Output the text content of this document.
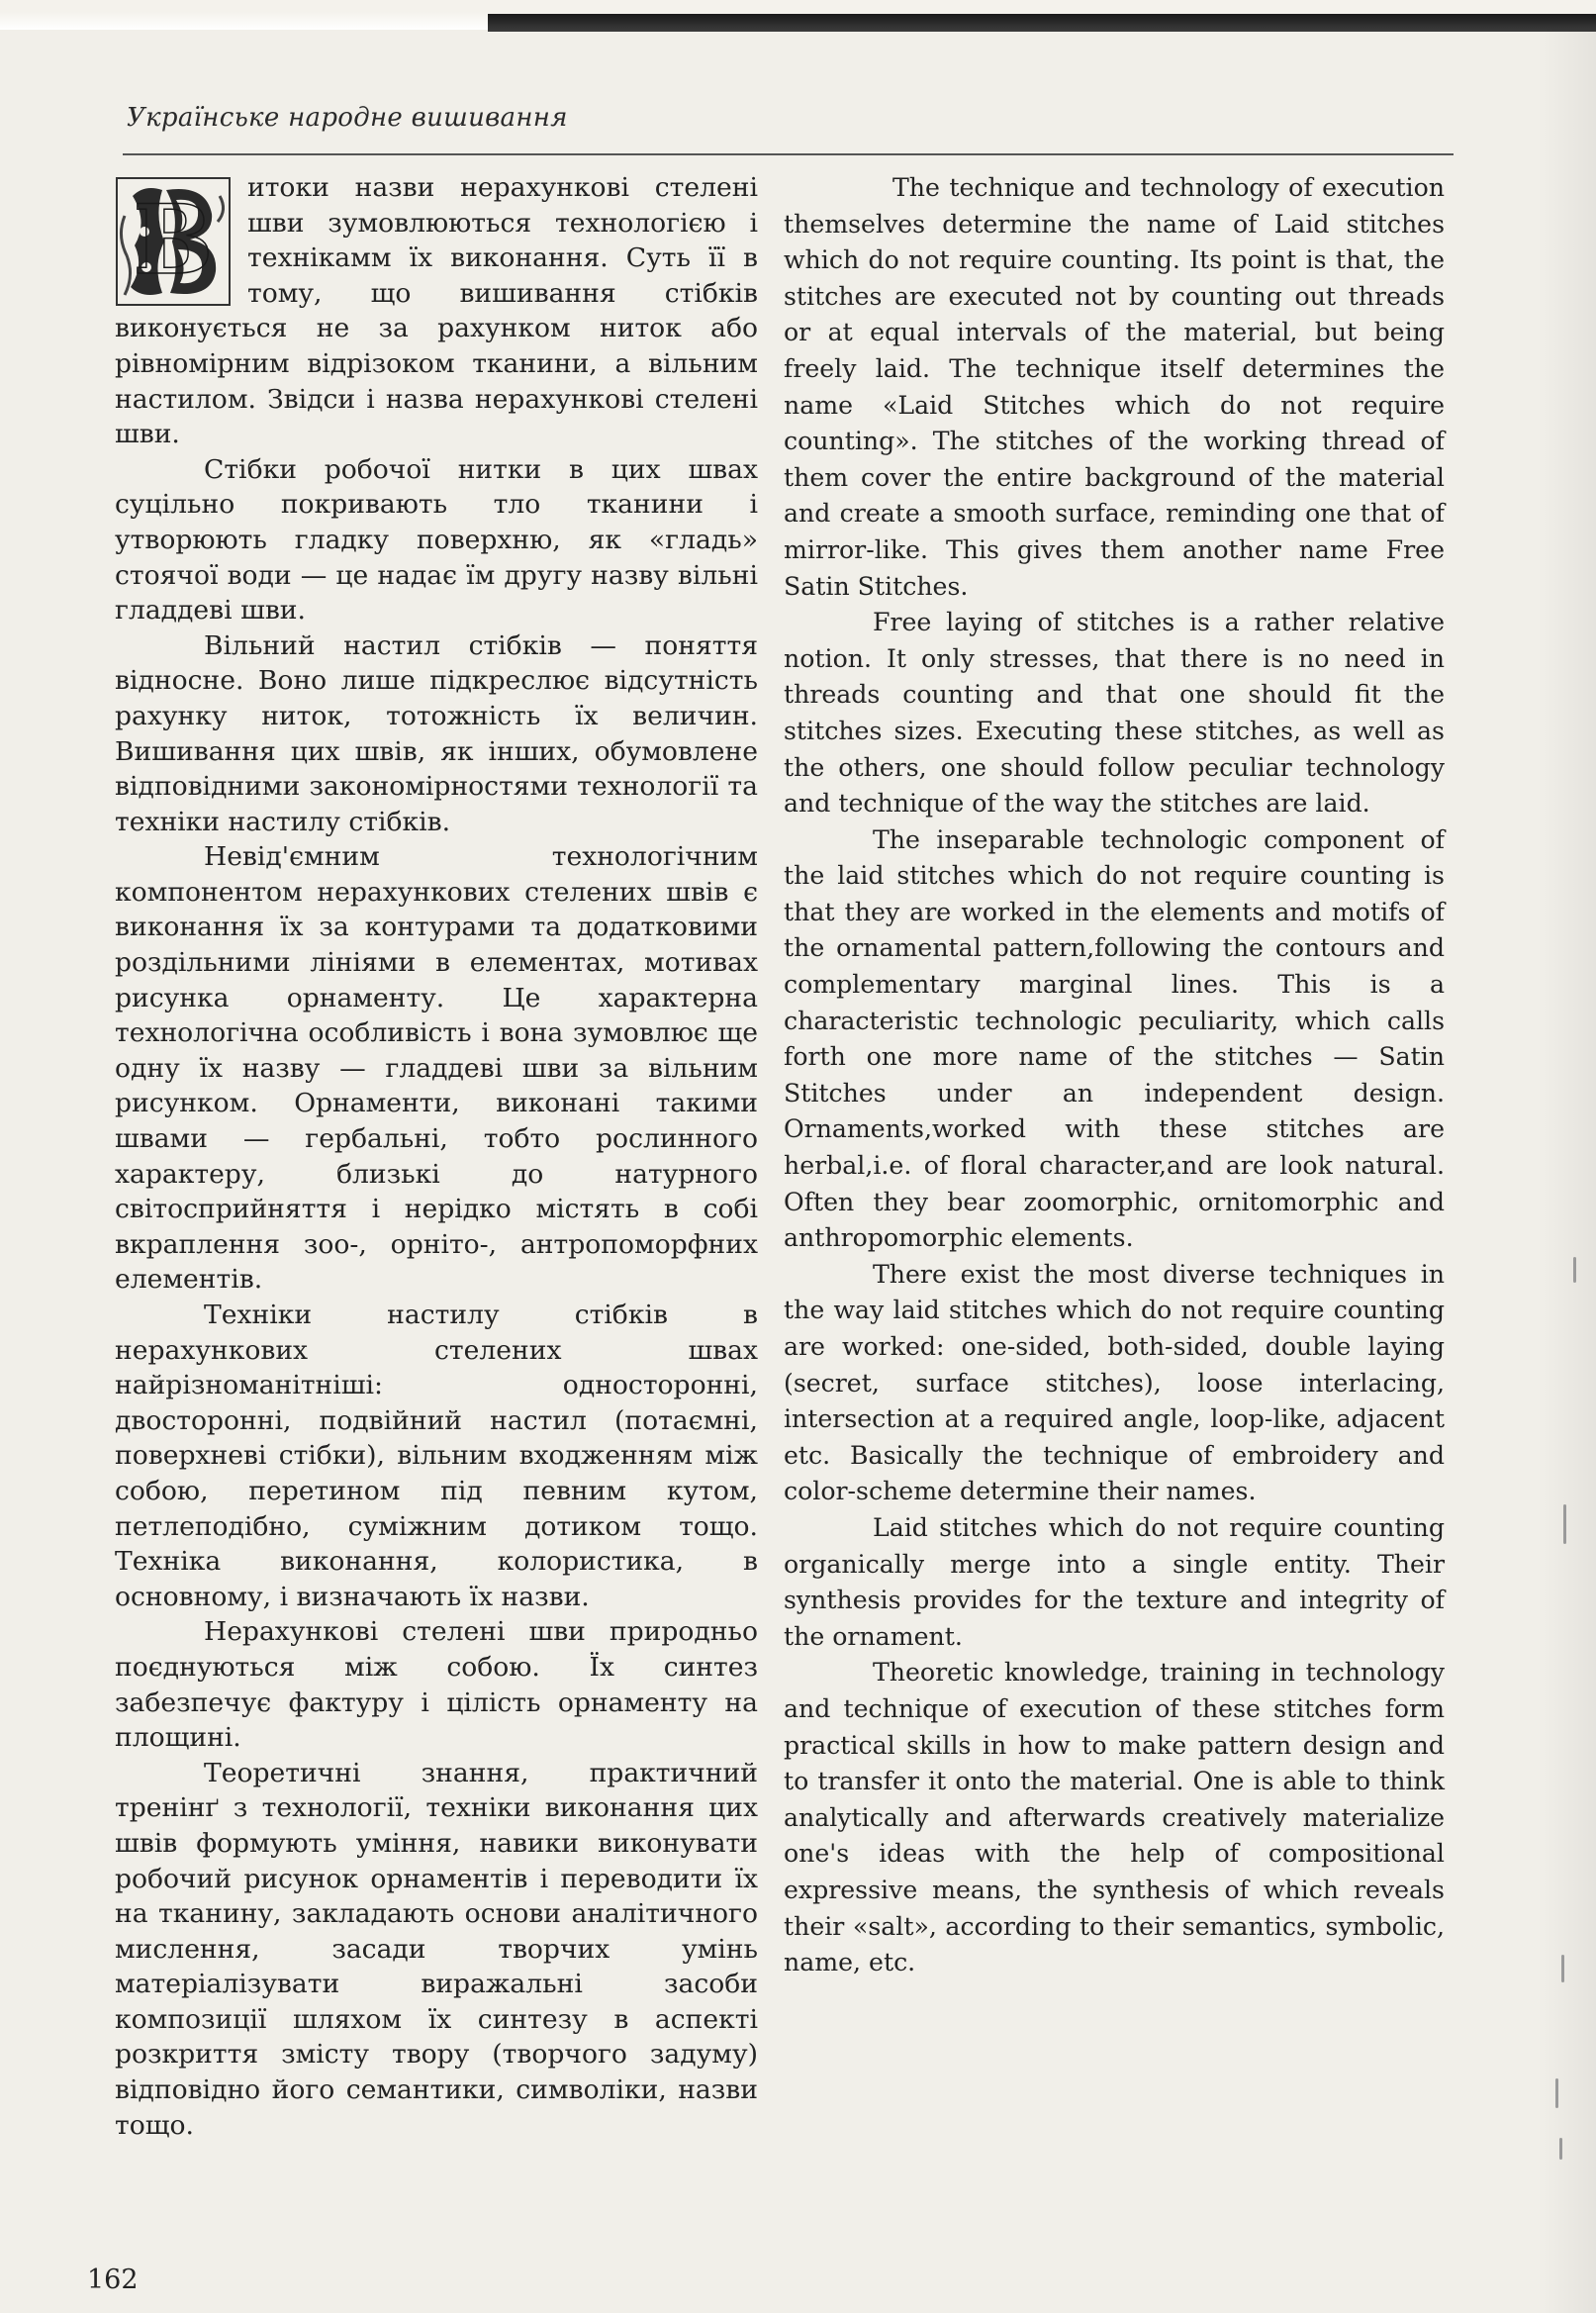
Українське народне вишивання

В итоки назви нерахункові стелені шви зумовлюються технологією і технікамм їх виконання. Суть її в тому, що вишивання стібків виконується не за рахунком ниток або рівномірним відрізоком тканини, а вільним настилом. Звідси і назва нерахункові стелені шви.

Стібки робочої нитки в цих швах суцільно покривають тло тканини і утворюють гладку поверхню, як «гладь» стоячої води — це надає їм другу назву вільні гладдеві шви.

Вільний настил стібків — поняття відносне. Воно лише підкреслює відсутність рахунку ниток, тотожність їх величин. Вишивання цих швів, як інших, обумовлене відповідними закономірностями технології та техніки настилу стібків.

Невід'ємним технологічним компонентом нерахункових стелених швів є виконання їх за контурами та додатковими роздільними лініями в елементах, мотивах рисунка орнаменту. Це характерна технологічна особливість і вона зумовлює ще одну їх назву — гладдеві шви за вільним рисунком. Орнаменти, виконані такими швами — гербальні, тобто рослинного характеру, близькі до натурного світосприйняття і нерідко містять в собі вкраплення зоо-, орніто-, антропоморфних елементів.

Техніки настилу стібків в нерахункових стелених швах найрізноманітніші: односторонні, двосторонні, подвійний настил (потаємні, поверхневі стібки), вільним входженням між собою, перетином під певним кутом, петлеподібно, суміжним дотиком тощо. Техніка виконання, колористика, в основному, і визначають їх назви.

Нерахункові стелені шви природньо поєднуються між собою. Їх синтез забезпечує фактуру і цілість орнаменту на площині.

Теоретичні знання, практичний тренінґ з технології, техніки виконання цих швів формують уміння, навики виконувати робочий рисунок орнаментів і переводити їх на тканину, закладають основи аналітичного мислення, засади творчих умінь матеріалізувати виражальні засоби композиції шляхом їх синтезу в аспекті розкриття змісту твору (творчого задуму) відповідно його семантики, символіки, назви тощо.

The technique and technology of execution themselves determine the name of Laid stitches which do not require counting. Its point is that, the stitches are executed not by counting out threads or at equal intervals of the material, but being freely laid. The technique itself determines the name «Laid Stitches which do not require counting». The stitches of the working thread of them cover the entire background of the material and create a smooth surface, reminding one that of mirror-like. This gives them another name Free Satin Stitches.

Free laying of stitches is a rather relative notion. It only stresses, that there is no need in threads counting and that one should fit the stitches sizes. Executing these stitches, as well as the others, one should follow peculiar technology and technique of the way the stitches are laid.

The inseparable technologic component of the laid stitches which do not require counting is that they are worked in the elements and motifs of the ornamental pattern,following the contours and complementary marginal lines. This is a characteristic technologic peculiarity, which calls forth one more name of the stitches — Satin Stitches under an independent design. Ornaments,worked with these stitches are herbal,i.e. of floral character,and are look natural. Often they bear zoomorphic, ornitomorphic and anthropomorphic elements.

There exist the most diverse techniques in the way laid stitches which do not require counting are worked: one-sided, both-sided, double laying (secret, surface stitches), loose interlacing, intersection at a required angle, loop-like, adjacent etc. Basically the technique of embroidery and color-scheme determine their names.

Laid stitches which do not require counting organically merge into a single entity. Their synthesis provides for the texture and integrity of the ornament.

Theoretic knowledge, training in technology and technique of execution of these stitches form practical skills in how to make pattern design and to transfer it onto the material. One is able to think analytically and afterwards creatively materialize one's ideas with the help of compositional expressive means, the synthesis of which reveals their «salt», according to their semantics, symbolic, name, etc.

162
